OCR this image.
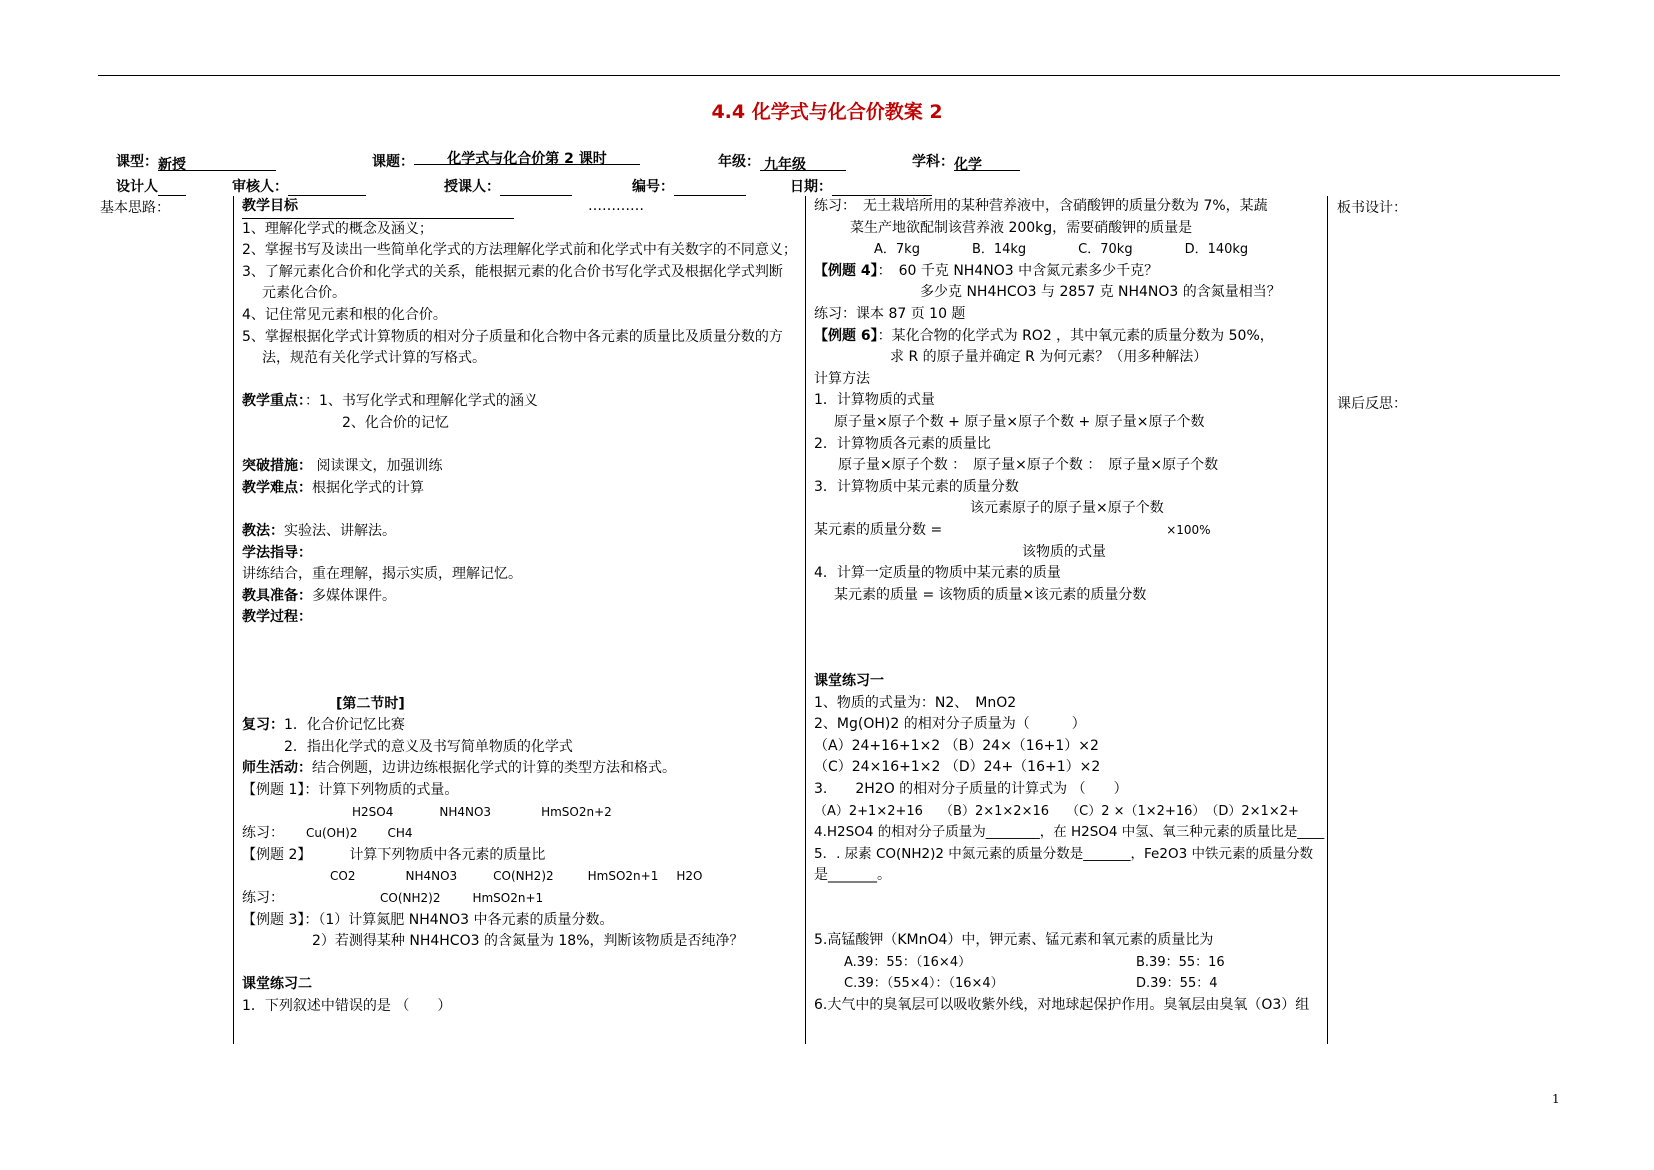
4.4 化学式与化合价教案 2
课型：新授	课题： 化学式与化合价第 2 课时	年级： 九年级	学科：化学
设计人	审核人：	授课人：	编号：	日期：
基本思路：	教学目标	…………

1、理解化学式的概念及涵义；

2、掌握书写及读出一些简单化学式的方法理解化学式前和化学式中有关数字的不同意义；

3、了解元素化合价和化学式的关系，能根据元素的化合价书写化学式及根据化学式判断

元素化合价。

4、记住常见元素和根的化合价。

5、掌握根据化学式计算物质的相对分子质量和化合物中各元素的质量比及质量分数的方

法，规范有关化学式计算的写格式。

教学重点：：1、书写化学式和理解化学式的涵义

2、化合价的记忆

突破措施： 阅读课文，加强训练

教学难点：根据化学式的计算

教法：实验法、讲解法。

学法指导：

讲练结合，重在理解，揭示实质，理解记忆。

教具准备：多媒体课件。

教学过程：

[第二节时]

复习：1．化合价记忆比赛

2．指出化学式的意义及书写简单物质的化学式

师生活动：结合例题，边讲边练根据化学式的计算的类型方法和格式。

【例题 1】：计算下列物质的式量。

H2SO4	NH4NO3	HmSO2n+2

练习： Cu(OH)2	CH4

【例题 2】	计算下列物质中各元素的质量比

CO2	NH4NO3	CO(NH2)2	HmSO2n+1 H2O

练习：	CO(NH2)2	HmSO2n+1

【例题 3】：（1）计算氮肥 NH4NO3 中各元素的质量分数。

2）若测得某种 NH4HCO3 的含氮量为 18%，判断该物质是否纯净？

课堂练习二

1．下列叙述中错误的是 （　　）

练习：　无土栽培所用的某种营养液中，含硝酸钾的质量分数为 7%，某蔬

菜生产地欲配制该营养液 200kg，需要硝酸钾的质量是

A．7kg　　　　B．14kg　　　　C．70kg　　　　D．140kg

【例题 4】：　60 千克 NH4NO3 中含氮元素多少千克？

多少克 NH4HCO3 与 2857 克 NH4NO3 的含氮量相当？

练习：课本 87 页 10 题

【例题 6】：某化合物的化学式为 RO2 ，其中氧元素的质量分数为 50%，

求 R 的原子量并确定 R 为何元素？（用多种解法）

计算方法

1．计算物质的式量

原子量×原子个数 + 原子量×原子个数 + 原子量×原子个数

2．计算物质各元素的质量比

原子量×原子个数 ：　原子量×原子个数 ：　原子量×原子个数

3．计算物质中某元素的质量分数

该元素原子的原子量×原子个数

某元素的质量分数 =	×100%

该物质的式量

4．计算一定质量的物质中某元素的质量

某元素的质量 = 该物质的质量×该元素的质量分数

课堂练习一

1、物质的式量为：N2、　MnO2

2、Mg(OH)2 的相对分子质量为（　　　）

（A）24+16+1×2 （B）24×（16+1）×2

（C）24×16+1×2 （D）24+（16+1）×2

3.　　2H2O 的相对分子质量的计算式为 （　　）

（A）2+1×2+16　 （B）2×1×2×16　 （C）2 ×（1×2+16）　（D）2×1×2+

4.H2SO4 的相对分子质量为________，在 H2SO4 中氢、氧三种元素的质量比是____

5．. 尿素 CO(NH2)2 中氮元素的质量分数是_______，Fe2O3 中铁元素的质量分数

是_______。

5.高锰酸钾（KMnO4）中，钾元素、锰元素和氧元素的质量比为

A.39：55：（16×4）	B.39：55：16

C.39：（55×4）：（16×4）	D.39：55：4

6.大气中的臭氧层可以吸收紫外线，对地球起保护作用。臭氧层由臭氧（O3）组

板书设计：
课后反思：
1
